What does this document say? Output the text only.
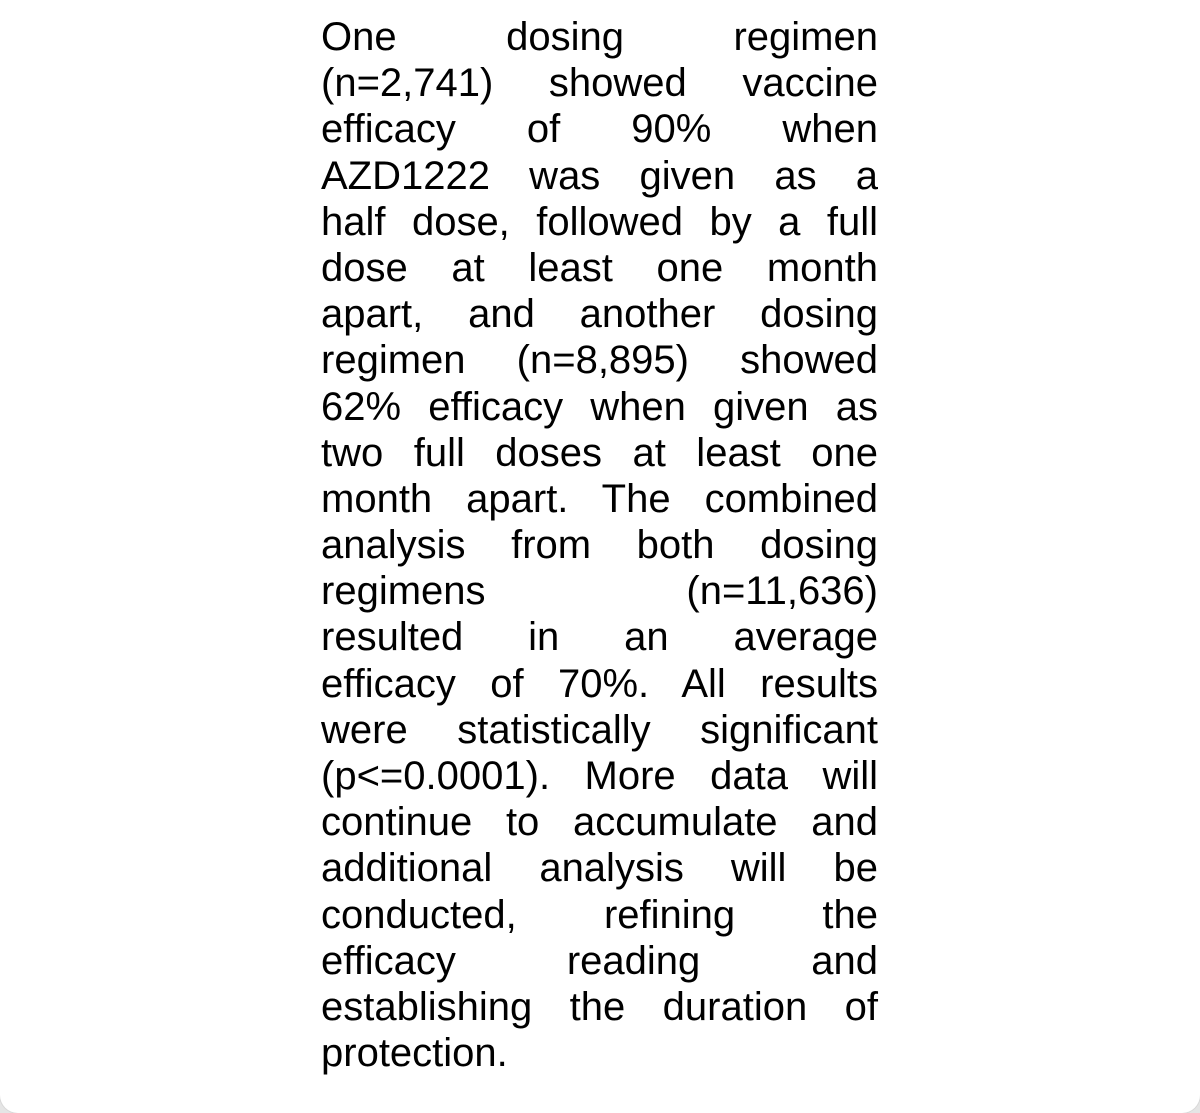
One dosing regimen
(n=2,741) showed vaccine
efficacy of 90% when
AZD1222 was given as a
half dose, followed by a full
dose at least one month
apart, and another dosing
regimen (n=8,895) showed
62% efficacy when given as
two full doses at least one
month apart. The combined
analysis from both dosing
regimens (n=11,636)
resulted in an average
efficacy of 70%. All results
were statistically significant
(p<=0.0001). More data will
continue to accumulate and
additional analysis will be
conducted, refining the
efficacy reading and
establishing the duration of
protection.
